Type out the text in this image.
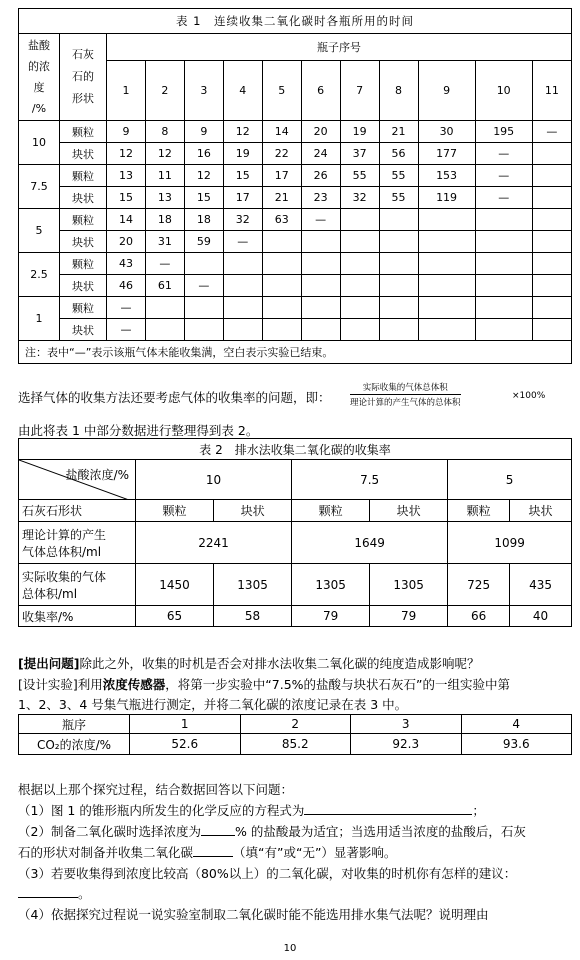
表 1　连续收集二氧化碳时各瓶所用的时间												
盐酸
的浓
度
/%	石灰
石的
形状	瓶子序号										
		1	2	3	4	5	6	7	8	9	10	11
10	颗粒	9	8	9	12	14	20	19	21	30	195	—
	块状	12	12	16	19	22	24	37	56	177	—	
7.5	颗粒	13	11	12	15	17	26	55	55	153	—	
	块状	15	13	15	17	21	23	32	55	119	—	
5	颗粒	14	18	18	32	63	—					
	块状	20	31	59	—							
2.5	颗粒	43	—									
	块状	46	61	—								
1	颗粒	—										
	块状	—										
注：表中“—”表示该瓶气体未能收集满，空白表示实验已结束。												
选择气体的收集方法还要考虑气体的收集率的问题，即：
实际收集的气体总体积
理论计算的产生气体的总体积
×100%
由此将表 1 中部分数据进行整理得到表 2。
表 2　排水法收集二氧化碳的收集率						

盐酸浓度/%	10		7.5		5	
石灰石形状	颗粒	块状	颗粒	块状	颗粒	块状
理论计算的产生
气体总体积/ml	2241		1649		1099	
实际收集的气体
总体积/ml	1450	1305	1305	1305	725	435
收集率/%	65	58	79	79	66	40
[提出问题]除此之外，收集的时机是否会对排水法收集二氧化碳的纯度造成影响呢？
[设计实验]利用浓度传感器，将第一步实验中“7.5%的盐酸与块状石灰石”的一组实验中第
1、2、3、4 号集气瓶进行测定，并将二氧化碳的浓度记录在表 3 中。
瓶序	1	2	3	4
CO₂的浓度/%	52.6	85.2	92.3	93.6
根据以上那个探究过程，结合数据回答以下问题：
（1）图 1 的锥形瓶内所发生的化学反应的方程式为	；
（2）制备二氧化碳时选择浓度为	% 的盐酸最为适宜；当选用适当浓度的盐酸后，石灰
石的形状对制备并收集二氧化碳	（填“有”或“无”）显著影响。
（3）若要收集得到浓度比较高（80%以上）的二氧化碳，对收集的时机你有怎样的建议：
。
（4）依据探究过程说一说实验室制取二氧化碳时能不能选用排水集气法呢？说明理由
10
